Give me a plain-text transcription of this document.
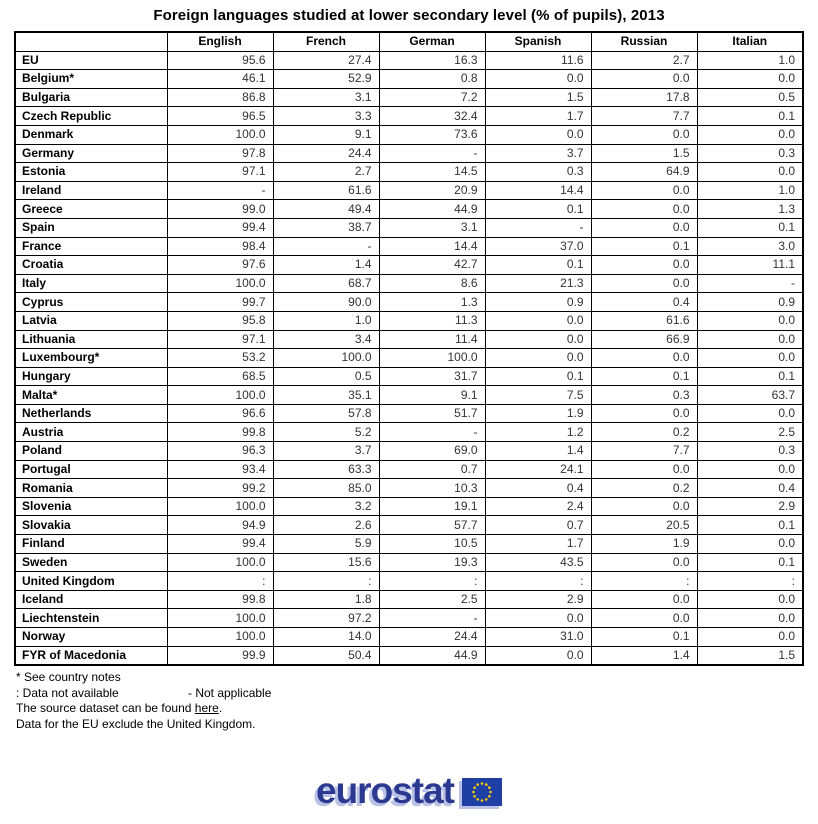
Foreign languages studied at lower secondary level (% of pupils), 2013
	English	French	German	Spanish	Russian	Italian
EU	95.6	27.4	16.3	11.6	2.7	1.0
Belgium*	46.1	52.9	0.8	0.0	0.0	0.0
Bulgaria	86.8	3.1	7.2	1.5	17.8	0.5
Czech Republic	96.5	3.3	32.4	1.7	7.7	0.1
Denmark	100.0	9.1	73.6	0.0	0.0	0.0
Germany	97.8	24.4	-	3.7	1.5	0.3
Estonia	97.1	2.7	14.5	0.3	64.9	0.0
Ireland	-	61.6	20.9	14.4	0.0	1.0
Greece	99.0	49.4	44.9	0.1	0.0	1.3
Spain	99.4	38.7	3.1	-	0.0	0.1
France	98.4	-	14.4	37.0	0.1	3.0
Croatia	97.6	1.4	42.7	0.1	0.0	11.1
Italy	100.0	68.7	8.6	21.3	0.0	-
Cyprus	99.7	90.0	1.3	0.9	0.4	0.9
Latvia	95.8	1.0	11.3	0.0	61.6	0.0
Lithuania	97.1	3.4	11.4	0.0	66.9	0.0
Luxembourg*	53.2	100.0	100.0	0.0	0.0	0.0
Hungary	68.5	0.5	31.7	0.1	0.1	0.1
Malta*	100.0	35.1	9.1	7.5	0.3	63.7
Netherlands	96.6	57.8	51.7	1.9	0.0	0.0
Austria	99.8	5.2	-	1.2	0.2	2.5
Poland	96.3	3.7	69.0	1.4	7.7	0.3
Portugal	93.4	63.3	0.7	24.1	0.0	0.0
Romania	99.2	85.0	10.3	0.4	0.2	0.4
Slovenia	100.0	3.2	19.1	2.4	0.0	2.9
Slovakia	94.9	2.6	57.7	0.7	20.5	0.1
Finland	99.4	5.9	10.5	1.7	1.9	0.0
Sweden	100.0	15.6	19.3	43.5	0.0	0.1
United Kingdom	:	:	:	:	:	:
Iceland	99.8	1.8	2.5	2.9	0.0	0.0
Liechtenstein	100.0	97.2	-	0.0	0.0	0.0
Norway	100.0	14.0	24.4	31.0	0.1	0.0
FYR of Macedonia	99.9	50.4	44.9	0.0	1.4	1.5
* See country notes
: Data not available	- Not applicable
The source dataset can be found here.
Data for the EU exclude the United Kingdom.
eurostat
